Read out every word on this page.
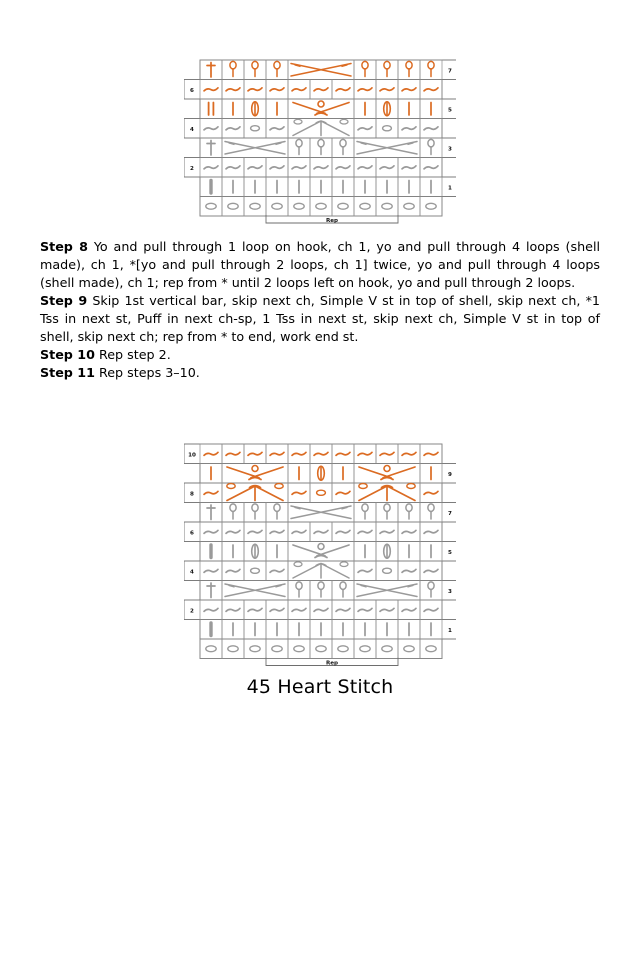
7
6
5
4
3
2
1
Rep

Step 8 Yo and pull through 1 loop on hook, ch 1, yo and pull through 4 loops (shell made), ch 1, *[yo and pull through 2 loops, ch 1] twice, yo and pull through 4 loops (shell made), ch 1; rep from * until 2 loops left on hook, yo and pull through 2 loops.

Step 9 Skip 1st vertical bar, skip next ch, Simple V st in top of shell, skip next ch, *1 Tss in next st, Puff in next ch-sp, 1 Tss in next st, skip next ch, Simple V st in top of shell, skip next ch; rep from * to end, work end st.

Step 10 Rep step 2.

Step 11 Rep steps 3–10.

10
9
8
7
6
5
4
3
2
1
Rep
45 Heart Stitch
